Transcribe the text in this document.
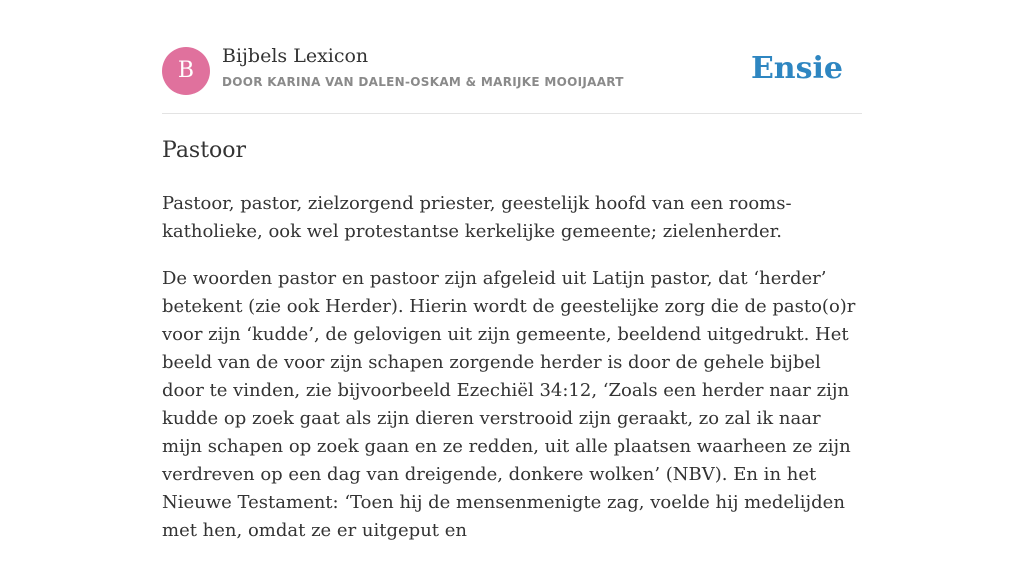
B
Bijbels Lexicon
DOOR KARINA VAN DALEN-OSKAM & MARIJKE MOOIJAART	Ensie
Pastoor

Pastoor, pastor, zielzorgend priester, geestelijk hoofd van een rooms-katholieke, ook wel protestantse kerkelijke gemeente; zielenherder.

De woorden pastor en pastoor zijn afgeleid uit Latijn pastor, dat ‘herder’ betekent (zie ook Herder). Hierin wordt de geestelijke zorg die de pasto(o)r voor zijn ‘kudde’, de gelovigen uit zijn gemeente, beeldend uitgedrukt. Het beeld van de voor zijn schapen zorgende herder is door de gehele bijbel door te vinden, zie bijvoorbeeld Ezechiël 34:12, ‘Zoals een herder naar zijn kudde op zoek gaat als zijn dieren verstrooid zijn geraakt, zo zal ik naar mijn schapen op zoek gaan en ze redden, uit alle plaatsen waarheen ze zijn verdreven op een dag van dreigende, donkere wolken’ (NBV). En in het Nieuwe Testament: ‘Toen hij de mensenmenigte zag, voelde hij medelijden met hen, omdat ze er uitgeput en
